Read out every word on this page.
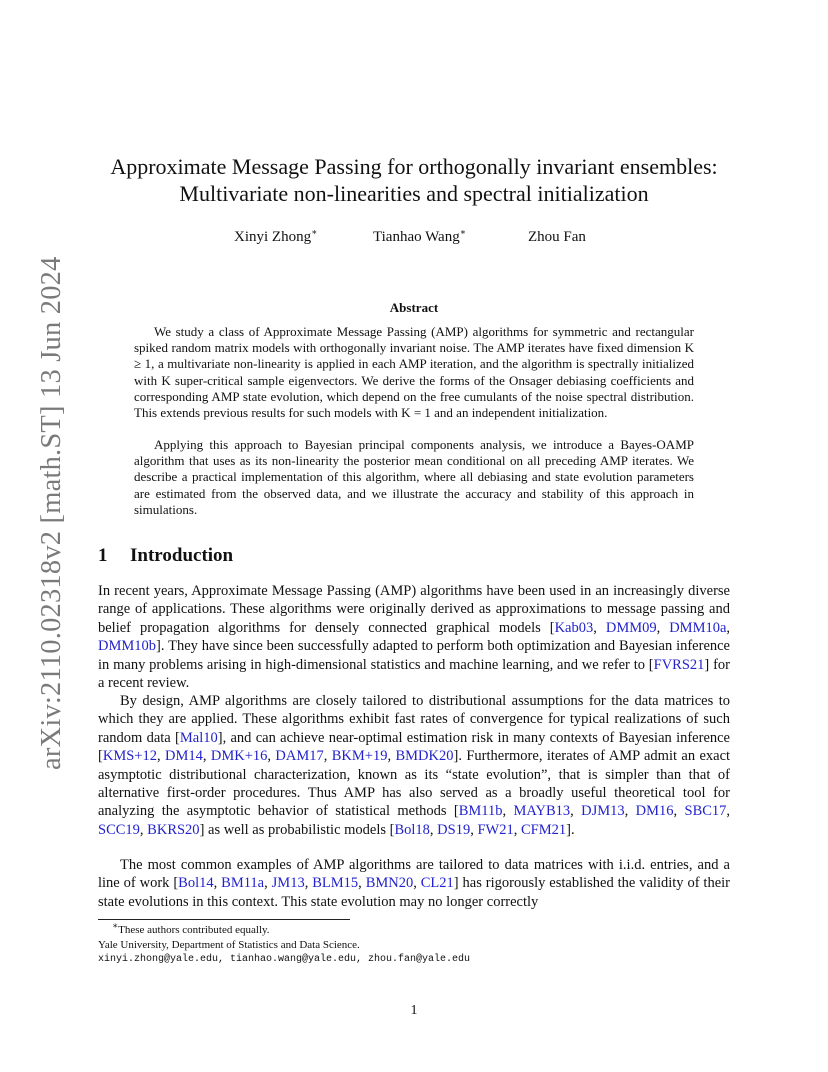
arXiv:2110.02318v2 [math.ST] 13 Jun 2024
Approximate Message Passing for orthogonally invariant ensembles:
Multivariate non-linearities and spectral initialization
Xinyi Zhong∗	Tianhao Wang∗	Zhou Fan
Abstract

We study a class of Approximate Message Passing (AMP) algorithms for symmetric and rectangular spiked random matrix models with orthogonally invariant noise. The AMP iterates have fixed dimension K ≥ 1, a multivariate non-linearity is applied in each AMP iteration, and the algorithm is spectrally initialized with K super-critical sample eigenvectors. We derive the forms of the Onsager debiasing coefficients and corresponding AMP state evolution, which depend on the free cumulants of the noise spectral distribution. This extends previous results for such models with K = 1 and an independent initialization.

Applying this approach to Bayesian principal components analysis, we introduce a Bayes-OAMP algorithm that uses as its non-linearity the posterior mean conditional on all preceding AMP iterates. We describe a practical implementation of this algorithm, where all debiasing and state evolution parameters are estimated from the observed data, and we illustrate the accuracy and stability of this approach in simulations.

1 Introduction

In recent years, Approximate Message Passing (AMP) algorithms have been used in an increasingly diverse range of applications. These algorithms were originally derived as approximations to message passing and belief propagation algorithms for densely connected graphical models [Kab03, DMM09, DMM10a, DMM10b]. They have since been successfully adapted to perform both optimization and Bayesian inference in many problems arising in high-dimensional statistics and machine learning, and we refer to [FVRS21] for a recent review.

By design, AMP algorithms are closely tailored to distributional assumptions for the data matrices to which they are applied. These algorithms exhibit fast rates of convergence for typical realizations of such random data [Mal10], and can achieve near-optimal estimation risk in many contexts of Bayesian inference [KMS+12, DM14, DMK+16, DAM17, BKM+19, BMDK20]. Furthermore, iterates of AMP admit an exact asymptotic distributional characterization, known as its “state evolution”, that is simpler than that of alternative first-order procedures. Thus AMP has also served as a broadly useful theoretical tool for analyzing the asymptotic behavior of statistical methods [BM11b, MAYB13, DJM13, DM16, SBC17, SCC19, BKRS20] as well as probabilistic models [Bol18, DS19, FW21, CFM21].

The most common examples of AMP algorithms are tailored to data matrices with i.i.d. entries, and a line of work [Bol14, BM11a, JM13, BLM15, BMN20, CL21] has rigorously established the validity of their state evolutions in this context. This state evolution may no longer correctly

∗These authors contributed equally.
Yale University, Department of Statistics and Data Science.
xinyi.zhong@yale.edu, tianhao.wang@yale.edu, zhou.fan@yale.edu
1
